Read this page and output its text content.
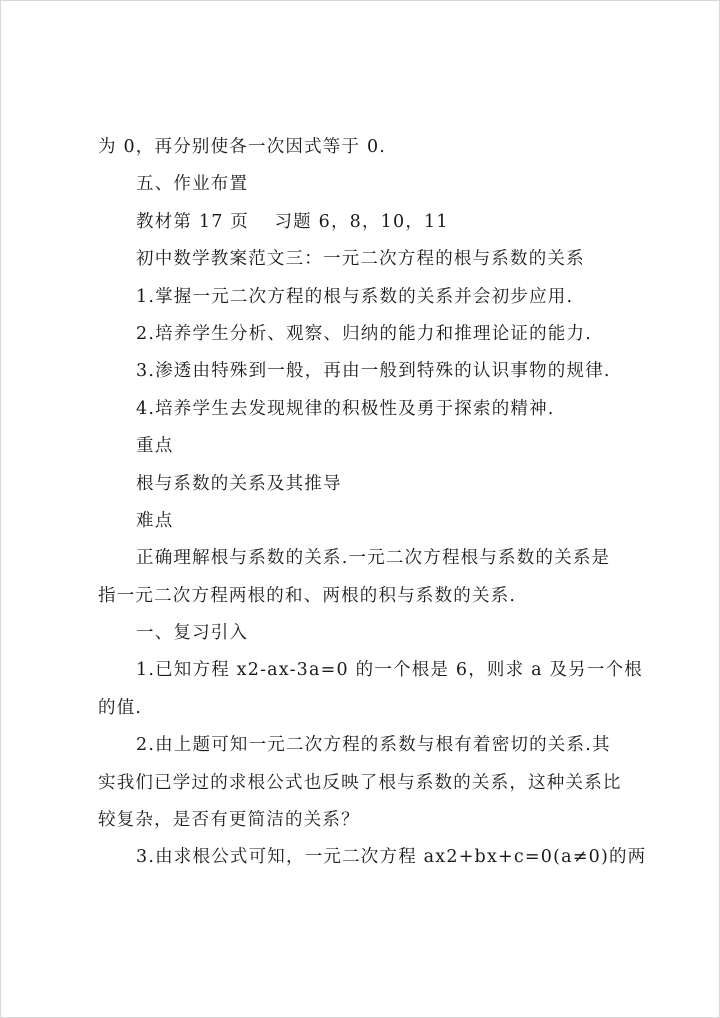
为 0，再分别使各一次因式等于 0.
五、作业布置
教材第 17 页　 习题 6，8，10，11
初中数学教案范文三：一元二次方程的根与系数的关系
1.掌握一元二次方程的根与系数的关系并会初步应用.
2.培养学生分析、观察、归纳的能力和推理论证的能力.
3.渗透由特殊到一般，再由一般到特殊的认识事物的规律.
4.培养学生去发现规律的积极性及勇于探索的精神.
重点
根与系数的关系及其推导
难点
正确理解根与系数的关系.一元二次方程根与系数的关系是
指一元二次方程两根的和、两根的积与系数的关系.
一、复习引入
1.已知方程 x2-ax-3a=0 的一个根是 6，则求 a 及另一个根
的值.
2.由上题可知一元二次方程的系数与根有着密切的关系.其
实我们已学过的求根公式也反映了根与系数的关系，这种关系比
较复杂，是否有更简洁的关系？
3.由求根公式可知，一元二次方程 ax2+bx+c=0(a≠0)的两
